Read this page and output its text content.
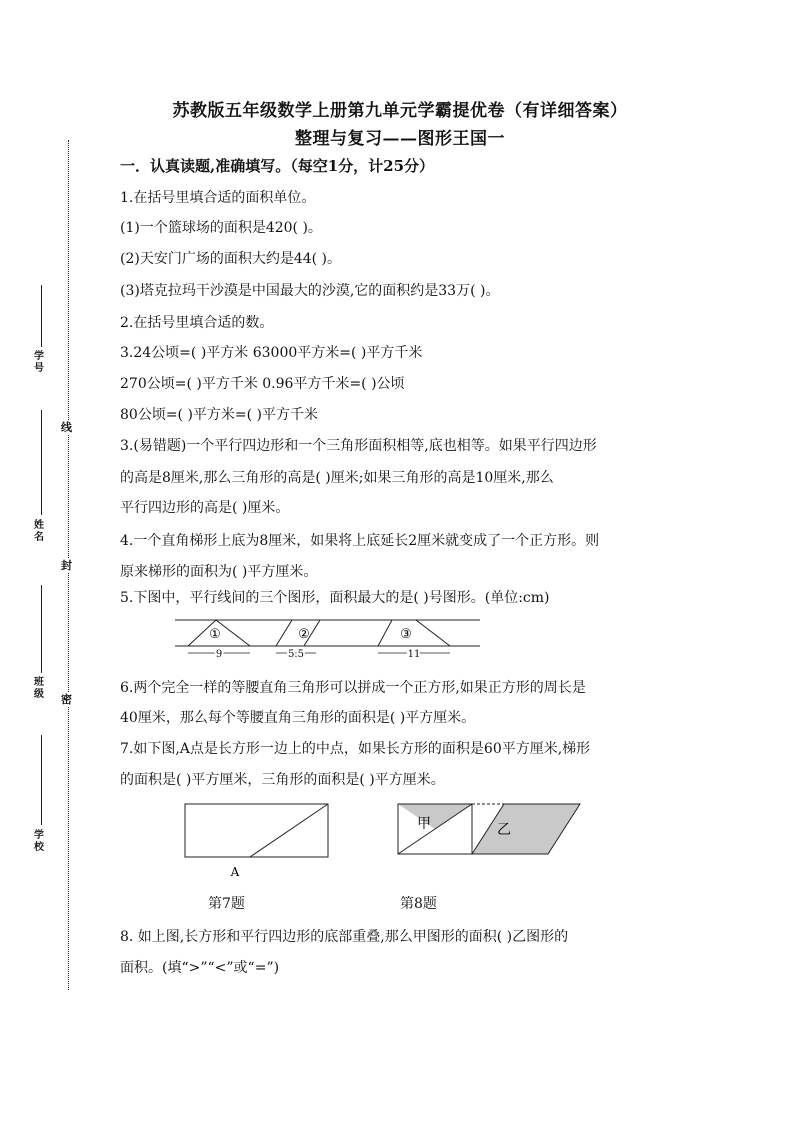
线
封
密
学号
姓名
班级
学校
苏教版五年级数学上册第九单元学霸提优卷（有详细答案）
整理与复习——图形王国一
一．认真读题,准确填写。（每空1分，计25分）
1.在括号里填合适的面积单位。
(1)一个篮球场的面积是420( )。
(2)天安门广场的面积大约是44( )。
(3)塔克拉玛干沙漠是中国最大的沙漠,它的面积约是33万( )。
2.在括号里填合适的数。
3.24公顷=( )平方米 63000平方米=( )平方千米
270公顷=( )平方千米 0.96平方千米=( )公顷
80公顷=( )平方米=( )平方千米
3.(易错题)一个平行四边形和一个三角形面积相等,底也相等。如果平行四边形
的高是8厘米,那么三角形的高是( )厘米;如果三角形的高是10厘米,那么
平行四边形的高是( )厘米。
4.一个直角梯形上底为8厘米，如果将上底延长2厘米就变成了一个正方形。则
原来梯形的面积为( )平方厘米。
5.下图中，平行线间的三个图形，面积最大的是( )号图形。(单位:cm)
①
9
②
5.5
③
11
6.两个完全一样的等腰直角三角形可以拼成一个正方形,如果正方形的周长是
40厘米，那么每个等腰直角三角形的面积是( )平方厘米。
7.如下图,A点是长方形一边上的中点，如果长方形的面积是60平方厘米,梯形
的面积是( )平方厘米，三角形的面积是( )平方厘米。
A
第7题
甲	乙
第8题
8. 如上图,长方形和平行四边形的底部重叠,那么甲图形的面积( )乙图形的
面积。(填“>”“<”或“=”)
